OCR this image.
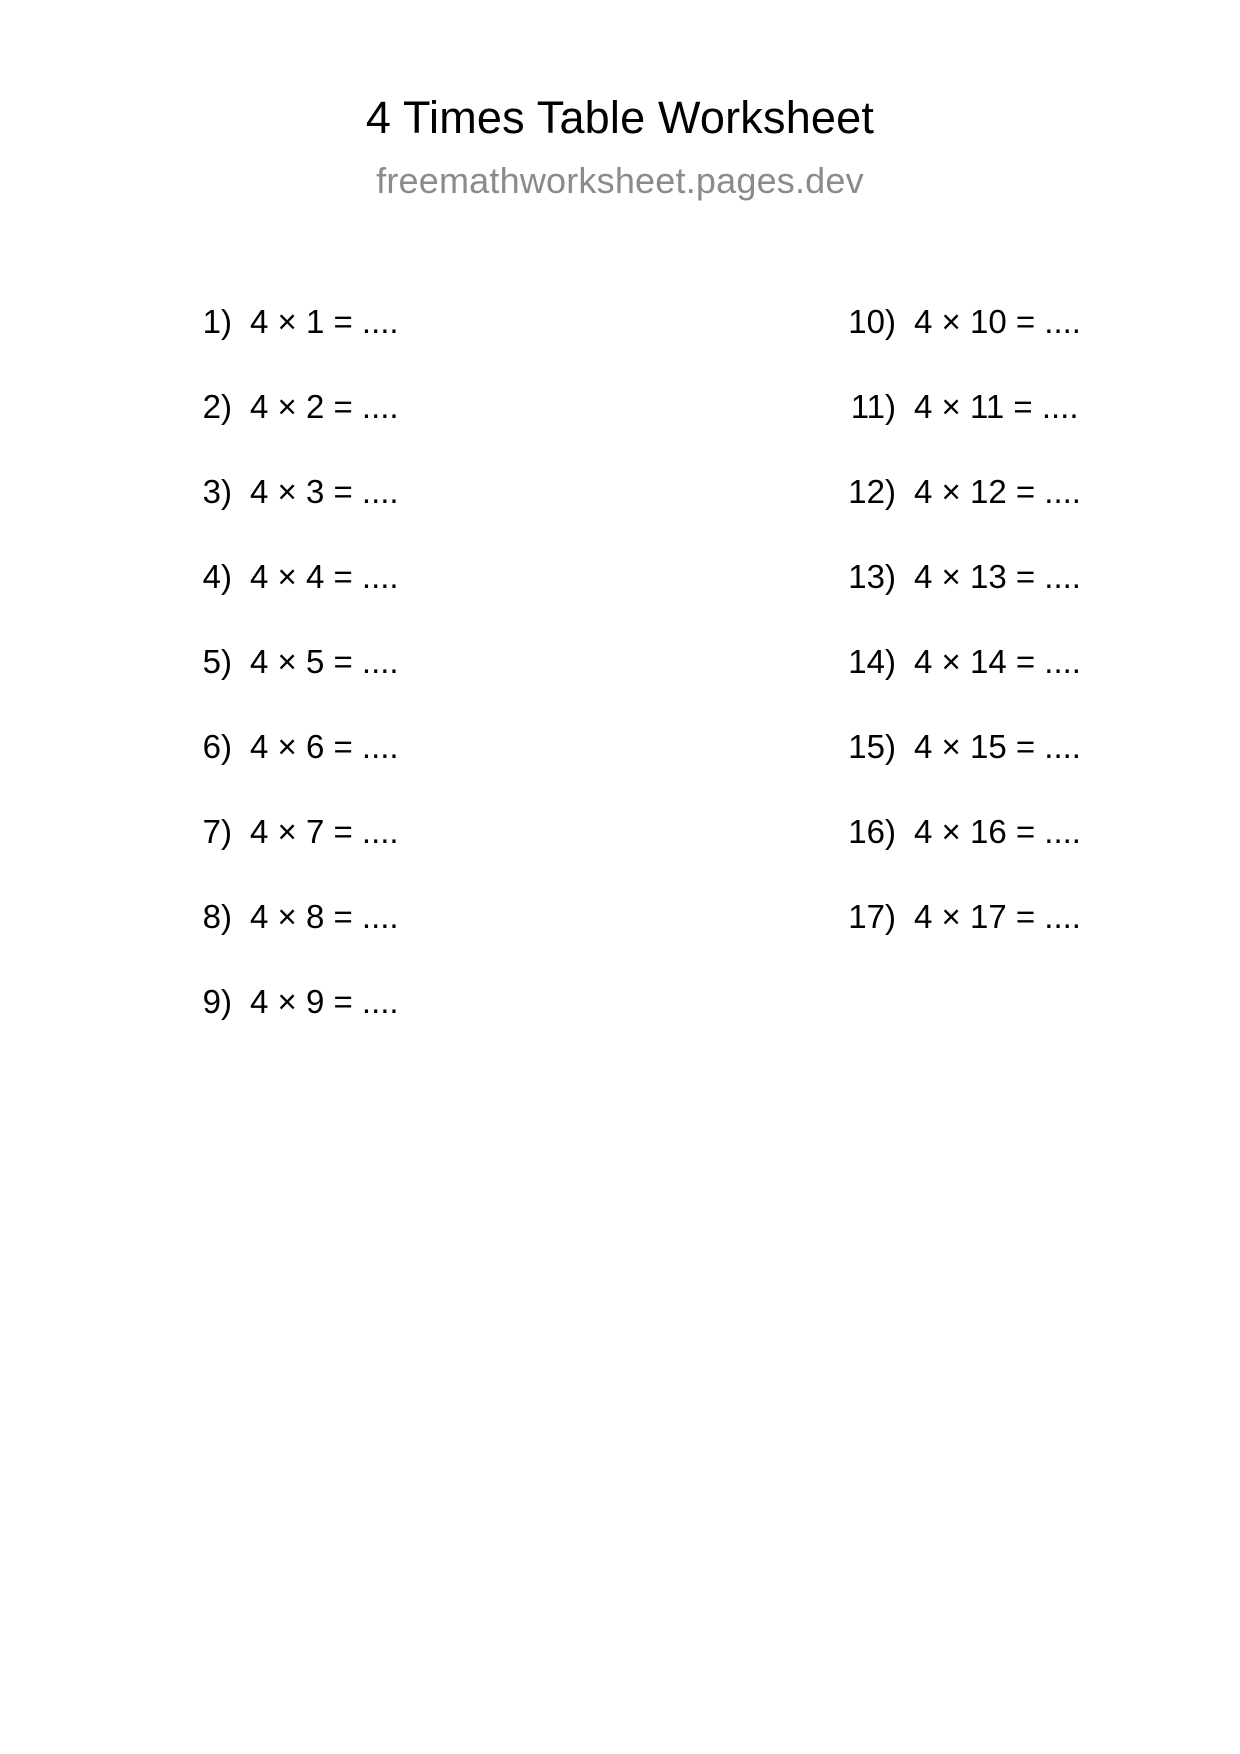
4 Times Table Worksheet
freemathworksheet.pages.dev
1) 4 × 1 = ....
2) 4 × 2 = ....
3) 4 × 3 = ....
4) 4 × 4 = ....
5) 4 × 5 = ....
6) 4 × 6 = ....
7) 4 × 7 = ....
8) 4 × 8 = ....
9) 4 × 9 = ....
10) 4 × 10 = ....
11) 4 × 11 = ....
12) 4 × 12 = ....
13) 4 × 13 = ....
14) 4 × 14 = ....
15) 4 × 15 = ....
16) 4 × 16 = ....
17) 4 × 17 = ....
